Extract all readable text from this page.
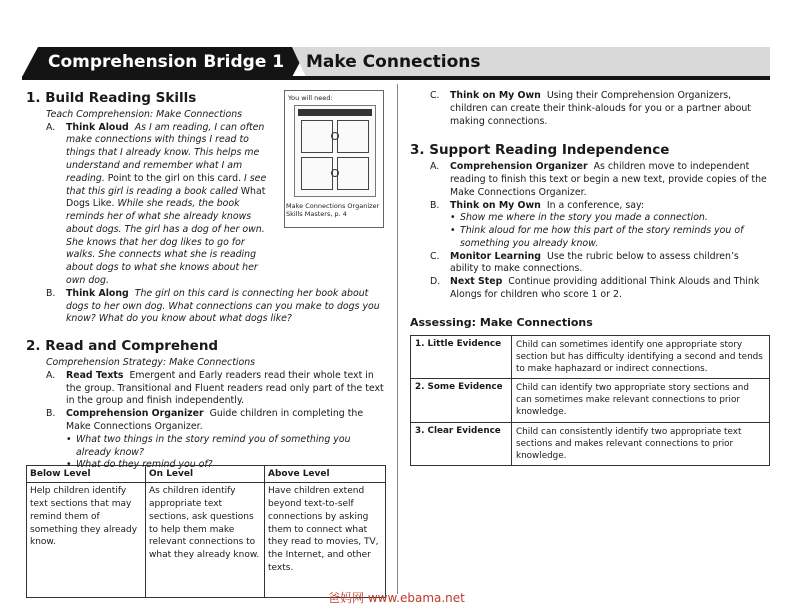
Comprehension Bridge 1 Make Connections
You will need:
Make Connections Organizer
Skills Masters, p. 4
1. Build Reading Skills
Teach Comprehension: Make Connections
A.	Think Aloud As I am reading, I can often make connections with things I read to things that I already know. This helps me understand and remember what I am reading. Point to the girl on this card. I see that this girl is reading a book called What Dogs Like. While she reads, the book reminds her of what she already knows about dogs. The girl has a dog of her own. She knows that her dog likes to go for walks. She connects what she is reading about dogs to what she knows about her own dog.
B.	Think Along The girl on this card is connecting her book about dogs to her own dog. What connections can you make to dogs you know? What do you know about what dogs like?
2. Read and Comprehend
Comprehension Strategy: Make Connections
A.	Read Texts Emergent and Early readers read their whole text in the group. Transitional and Fluent readers read only part of the text in the group and finish independently.
B.	Comprehension Organizer Guide children in completing the Make Connections Organizer.
• What two things in the story remind you of something you already know?
• What do they remind you of?
Below Level	On Level	Above Level
Help children identify text sections that may remind them of something they already know.	As children identify appropriate text sections, ask questions to help them make relevant connections to what they already know.	Have children extend beyond text-to-self connections by asking them to connect what they read to movies, TV, the Internet, and other texts.
C.	Think on My Own Using their Comprehension Organizers, children can create their think-alouds for you or a partner about making connections.
3. Support Reading Independence
A.	Comprehension Organizer As children move to independent reading to finish this text or begin a new text, provide copies of the Make Connections Organizer.
B.	Think on My Own In a conference, say:
• Show me where in the story you made a connection.
• Think aloud for me how this part of the story reminds you of something you already know.
C.	Monitor Learning Use the rubric below to assess children’s ability to make connections.
D.	Next Step Continue providing additional Think Alouds and Think Alongs for children who score 1 or 2.
Assessing: Make Connections
1. Little Evidence	Child can sometimes identify one appropriate story section but has difficulty identifying a second and tends to make haphazard or indirect connections.
2. Some Evidence	Child can identify two appropriate story sections and can sometimes make relevant connections to prior knowledge.
3. Clear Evidence	Child can consistently identify two appropriate text sections and makes relevant connections to prior knowledge.
爸妈网 www.ebama.net
